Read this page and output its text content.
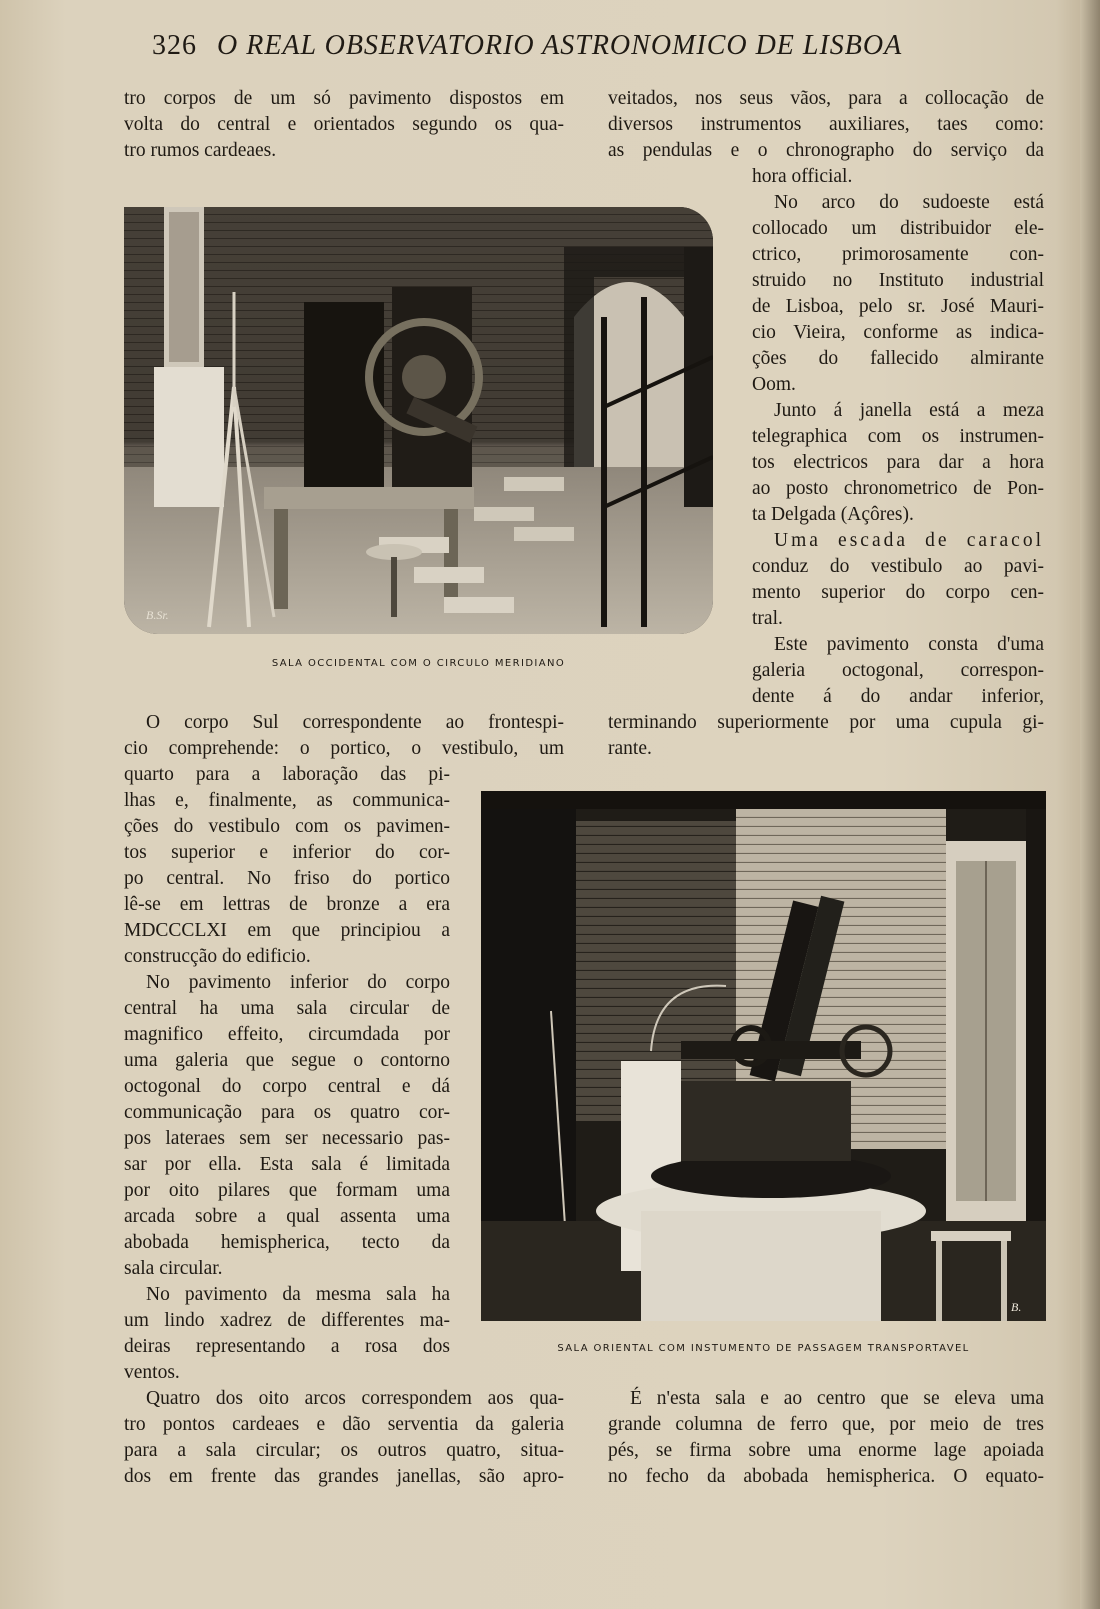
326 O REAL OBSERVATORIO ASTRONOMICO DE LISBOA
tro corpos de um só pavimento dispostos em
volta do central e orientados segundo os qua-
tro rumos cardeaes.
veitados, nos seus vãos, para a collocação de
diversos instrumentos auxiliares, taes como:
as pendulas e o chronographo do serviço da
hora official.
No arco do sudoeste está
collocado um distribuidor ele-
ctrico, primorosamente con-
struido no Instituto industrial
de Lisboa, pelo sr. José Mauri-
cio Vieira, conforme as indica-
ções do fallecido almirante
Oom.
Junto á janella está a meza
telegraphica com os instrumen-
tos electricos para dar a hora
ao posto chronometrico de Pon-
ta Delgada (Açôres).
Uma escada de caracol
conduz do vestibulo ao pavi-
mento superior do corpo cen-
tral.
Este pavimento consta d'uma
galeria octogonal, correspon-
dente á do andar inferior,
terminando superiormente por uma cupula gi-
rante.
B.Sr.
SALA OCCIDENTAL COM O CIRCULO MERIDIANO
O corpo Sul correspondente ao frontespi-
cio comprehende: o portico, o vestibulo, um
quarto para a laboração das pi-
lhas e, finalmente, as communica-
ções do vestibulo com os pavimen-
tos superior e inferior do cor-
po central. No friso do portico
lê-se em lettras de bronze a era
MDCCCLXI em que principiou a
construcção do edificio.
No pavimento inferior do corpo
central ha uma sala circular de
magnifico effeito, circumdada por
uma galeria que segue o contorno
octogonal do corpo central e dá
communicação para os quatro cor-
pos lateraes sem ser necessario pas-
sar por ella. Esta sala é limitada
por oito pilares que formam uma
arcada sobre a qual assenta uma
abobada hemispherica, tecto da
sala circular.
No pavimento da mesma sala ha
um lindo xadrez de differentes ma-
deiras representando a rosa dos
ventos.
B.
SALA ORIENTAL COM INSTUMENTO DE PASSAGEM TRANSPORTAVEL
Quatro dos oito arcos correspondem aos qua-
tro pontos cardeaes e dão serventia da galeria
para a sala circular; os outros quatro, situa-
dos em frente das grandes janellas, são apro-
É n'esta sala e ao centro que se eleva uma
grande columna de ferro que, por meio de tres
pés, se firma sobre uma enorme lage apoiada
no fecho da abobada hemispherica. O equato-
